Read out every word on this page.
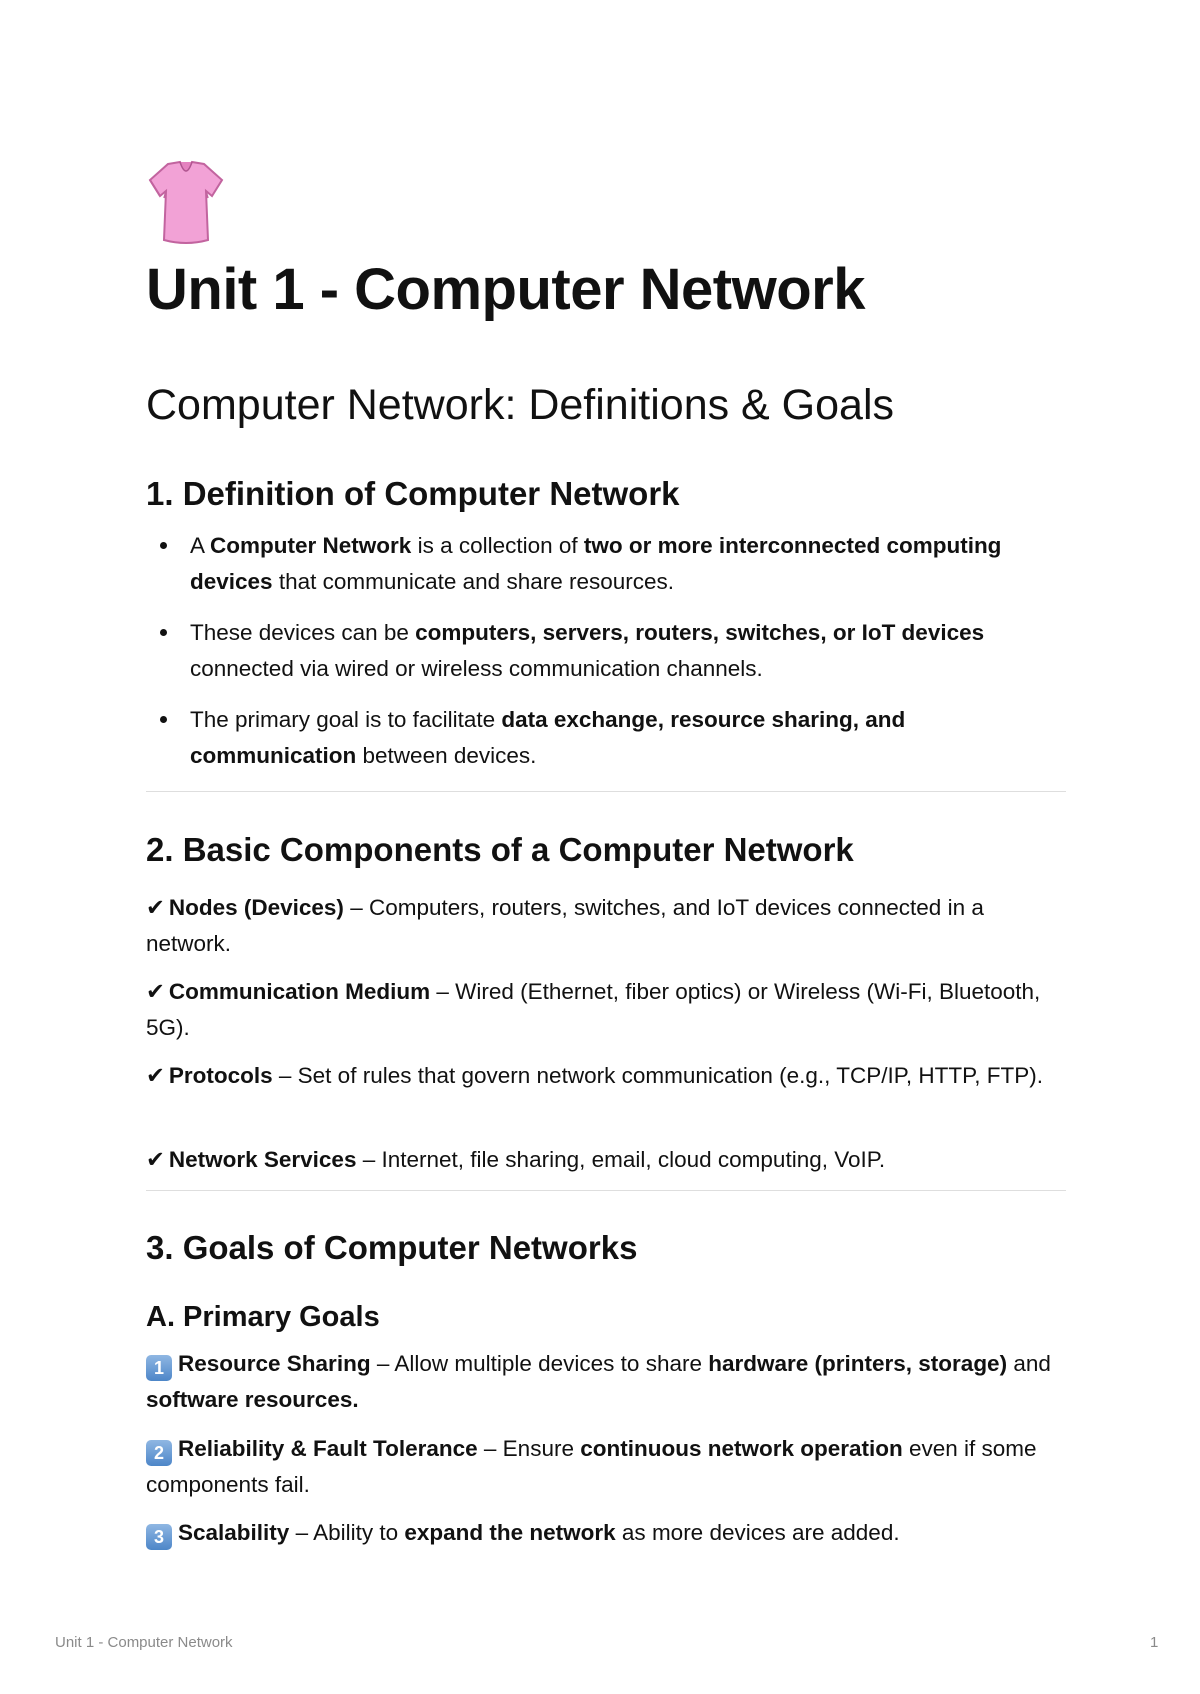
Unit 1 - Computer Network
Computer Network: Definitions & Goals
1. Definition of Computer Network
A Computer Network is a collection of two or more interconnected computing devices that communicate and share resources.
These devices can be computers, servers, routers, switches, or IoT devices connected via wired or wireless communication channels.
The primary goal is to facilitate data exchange, resource sharing, and communication between devices.
2. Basic Components of a Computer Network
✔ Nodes (Devices) – Computers, routers, switches, and IoT devices connected in a network.
✔ Communication Medium – Wired (Ethernet, fiber optics) or Wireless (Wi-Fi, Bluetooth, 5G).
✔ Protocols – Set of rules that govern network communication (e.g., TCP/IP, HTTP, FTP).
✔ Network Services – Internet, file sharing, email, cloud computing, VoIP.
3. Goals of Computer Networks
A. Primary Goals
1 Resource Sharing – Allow multiple devices to share hardware (printers, storage) and software resources.
2 Reliability & Fault Tolerance – Ensure continuous network operation even if some components fail.
3 Scalability – Ability to expand the network as more devices are added.
Unit 1 - Computer Network	1
